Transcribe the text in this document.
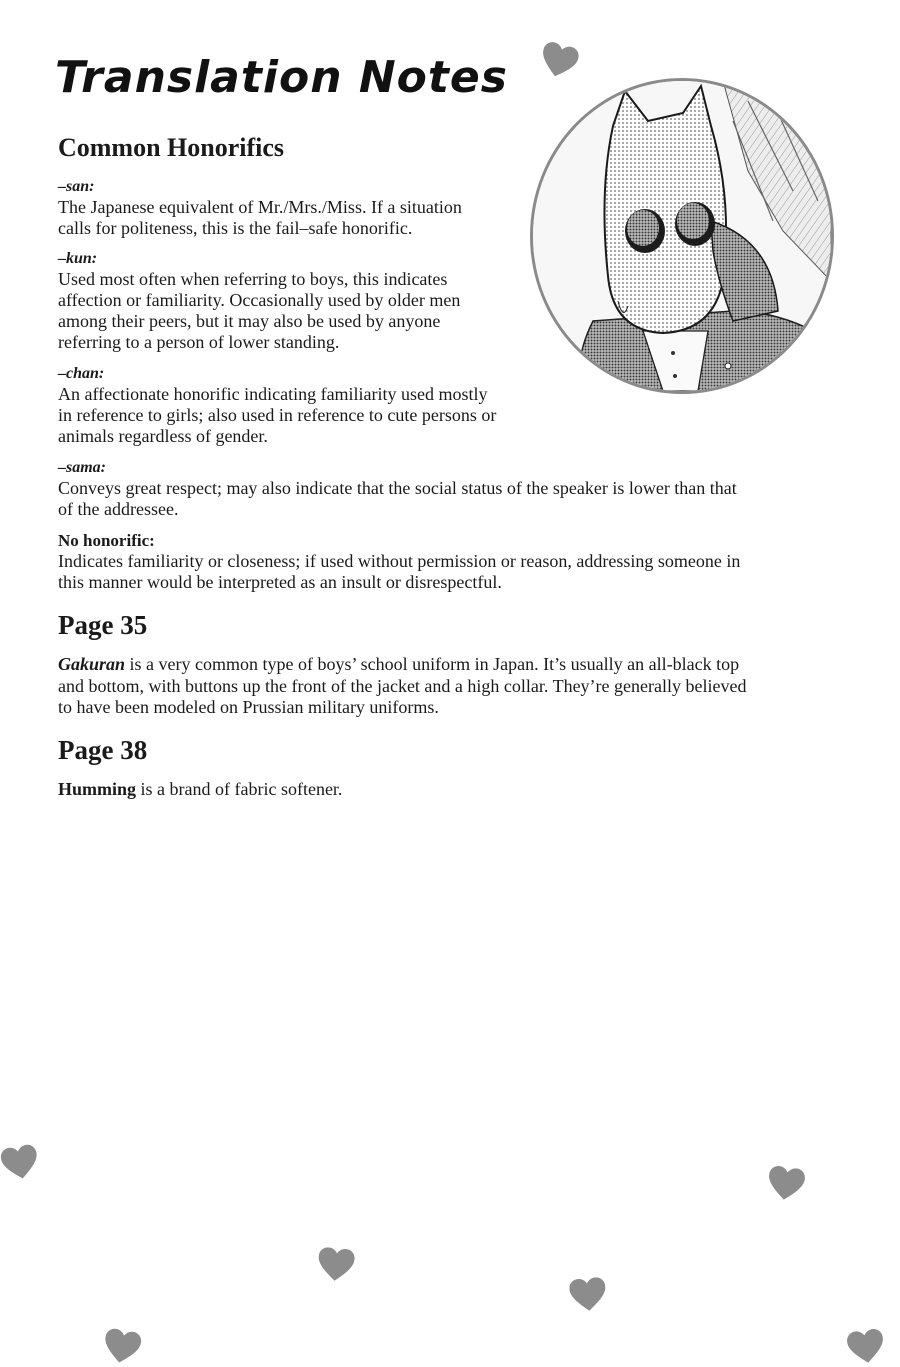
Translation Notes
Common Honorifics
–san:
The Japanese equivalent of Mr./Mrs./Miss. If a situation
calls for politeness, this is the fail–safe honorific.
–kun:
Used most often when referring to boys, this indicates
affection or familiarity. Occasionally used by older men
among their peers, but it may also be used by anyone
referring to a person of lower standing.
–chan:
An affectionate honorific indicating familiarity used mostly
in reference to girls; also used in reference to cute persons or
animals regardless of gender.
–sama:
Conveys great respect; may also indicate that the social status of the speaker is lower than that
of the addressee.
No honorific:
Indicates familiarity or closeness; if used without permission or reason, addressing someone in
this manner would be interpreted as an insult or disrespectful.
Page 35

Gakuran is a very common type of boys’ school uniform in Japan. It’s usually an all-black top
and bottom, with buttons up the front of the jacket and a high collar. They’re generally believed
to have been modeled on Prussian military uniforms.

Page 38

Humming is a brand of fabric softener.
